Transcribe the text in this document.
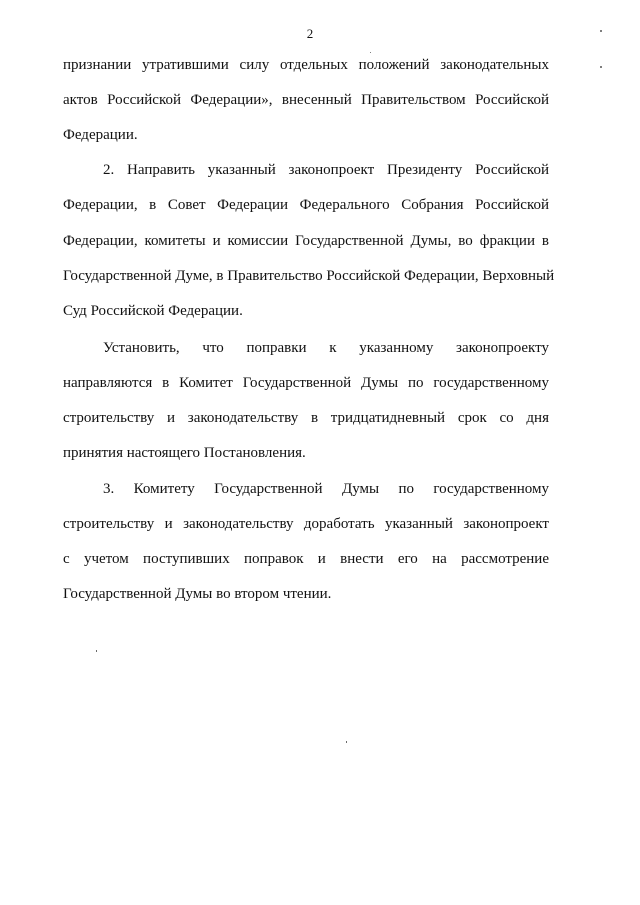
2
признании утратившими силу отдельных положений законодательных
актов Российской Федерации», внесенный Правительством Российской
Федерации.
2. Направить указанный законопроект Президенту Российской
Федерации, в Совет Федерации Федерального Собрания Российской
Федерации, комитеты и комиссии Государственной Думы, во фракции в
Государственной Думе, в Правительство Российской Федерации, Верховный
Суд Российской Федерации.
Установить, что поправки к указанному законопроекту
направляются в Комитет Государственной Думы по государственному
строительству и законодательству в тридцатидневный срок со дня
принятия настоящего Постановления.
3. Комитету Государственной Думы по государственному
строительству и законодательству доработать указанный законопроект
с учетом поступивших поправок и внести его на рассмотрение
Государственной Думы во втором чтении.
